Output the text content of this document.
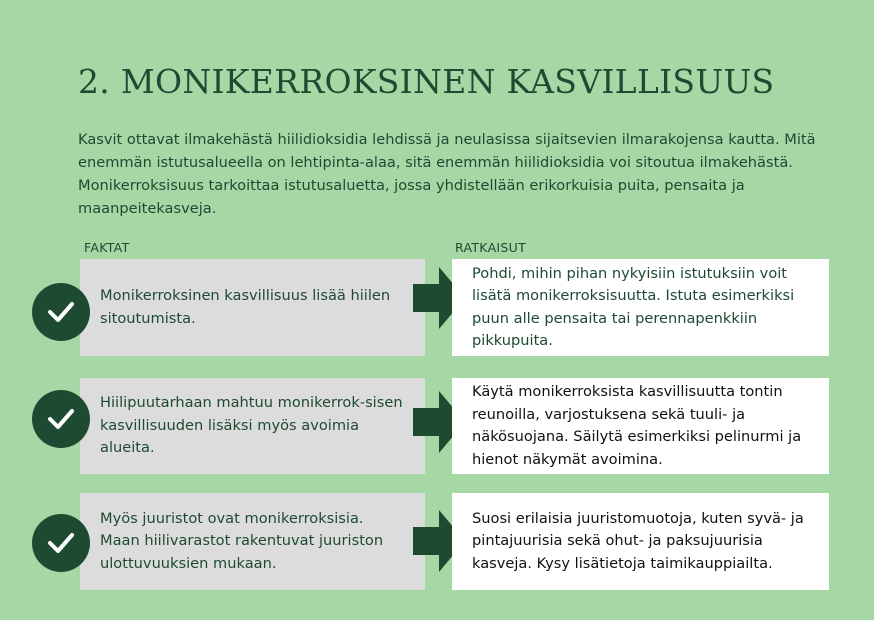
2. MONIKERROKSINEN KASVILLISUUS
Kasvit ottavat ilmakehästä hiilidioksidia lehdissä ja neulasissa sijaitsevien ilmarakojensa kautta. Mitä enemmän istutusalueella on lehtipinta-alaa, sitä enemmän hiilidioksidia voi sitoutua ilmakehästä. Monikerroksisuus tarkoittaa istutusaluetta, jossa yhdistellään erikorkuisia puita, pensaita ja maanpeitekasveja.
FAKTAT	RATKAISUT
Monikerroksinen kasvillisuus lisää hiilen sitoutumista.
Pohdi, mihin pihan nykyisiin istutuksiin voit lisätä monikerroksisuutta. Istuta esimerkiksi puun alle pensaita tai perennapenkkiin pikkupuita.
Hiilipuutarhaan mahtuu monikerrok-sisen kasvillisuuden lisäksi myös avoimia alueita.
Käytä monikerroksista kasvillisuutta tontin reunoilla, varjostuksena sekä tuuli- ja näkösuojana. Säilytä esimerkiksi pelinurmi ja hienot näkymät avoimina.
Myös juuristot ovat monikerroksisia. Maan hiilivarastot rakentuvat juuriston ulottuvuuksien mukaan.
Suosi erilaisia juuristomuotoja, kuten syvä- ja pintajuurisia sekä ohut- ja paksujuurisia kasveja. Kysy lisätietoja taimikauppiailta.
